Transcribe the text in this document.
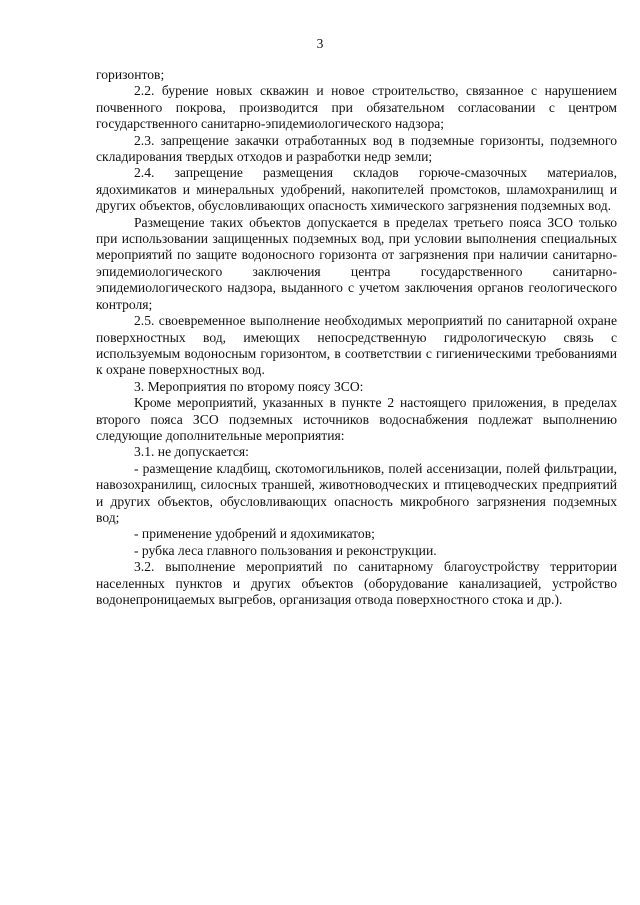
3

горизонтов;

2.2. бурение новых скважин и новое строительство, связанное с нарушением почвенного покрова, производится при обязательном согласовании с центром государственного санитарно-эпидемиологического надзора;

2.3. запрещение закачки отработанных вод в подземные горизонты, подземного складирования твердых отходов и разработки недр земли;

2.4. запрещение размещения складов горюче-смазочных материалов, ядохимикатов и минеральных удобрений, накопителей промстоков, шламохранилищ и других объектов, обусловливающих опасность химического загрязнения подземных вод.

Размещение таких объектов допускается в пределах третьего пояса ЗСО только при использовании защищенных подземных вод, при условии выполнения специальных мероприятий по защите водоносного горизонта от загрязнения при наличии санитарно-эпидемиологического заключения центра государственного санитарно-эпидемиологического надзора, выданного с учетом заключения органов геологического контроля;

2.5. своевременное выполнение необходимых мероприятий по санитарной охране поверхностных вод, имеющих непосредственную гидрологическую связь с используемым водоносным горизонтом, в соответствии с гигиеническими требованиями к охране поверхностных вод.

3. Мероприятия по второму поясу ЗСО:

Кроме мероприятий, указанных в пункте 2 настоящего приложения, в пределах второго пояса ЗСО подземных источников водоснабжения подлежат выполнению следующие дополнительные мероприятия:

3.1. не допускается:

- размещение кладбищ, скотомогильников, полей ассенизации, полей фильтрации, навозохранилищ, силосных траншей, животноводческих и птицеводческих предприятий и других объектов, обусловливающих опасность микробного загрязнения подземных вод;

- применение удобрений и ядохимикатов;

- рубка леса главного пользования и реконструкции.

3.2. выполнение мероприятий по санитарному благоустройству территории населенных пунктов и других объектов (оборудование канализацией, устройство водонепроницаемых выгребов, организация отвода поверхностного стока и др.).
